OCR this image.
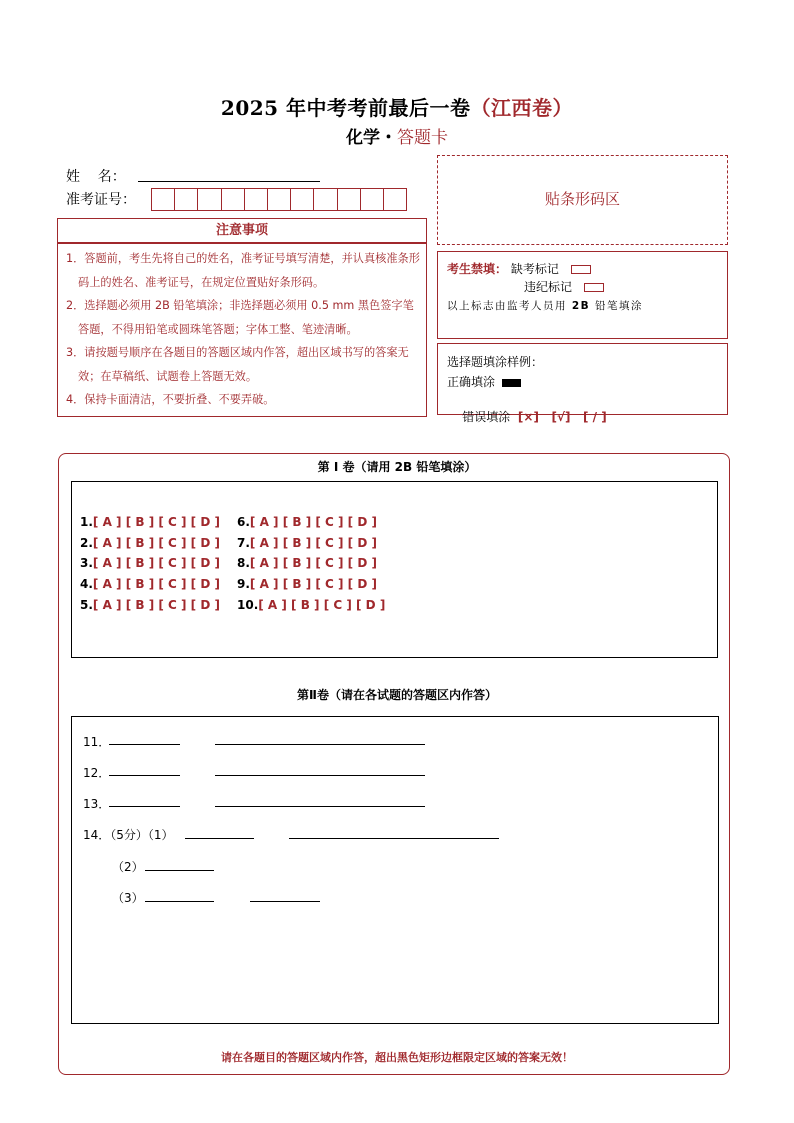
2025 年中考考前最后一卷（江西卷）
化学・答题卡
姓    名：
准考证号：	贴条形码区
注意事项

1．答题前，考生先将自己的姓名，准考证号填写清楚，并认真核准条形码上的姓名、准考证号，在规定位置贴好条形码。

2．选择题必须用 2B 铅笔填涂；非选择题必须用 0.5 mm 黑色签字笔答题，不得用铅笔或圆珠笔答题；字体工整、笔迹清晰。

3．请按题号顺序在各题目的答题区域内作答，超出区域书写的答案无效；在草稿纸、试题卷上答题无效。

4．保持卡面清洁，不要折叠、不要弄破。

考生禁填： 缺考标记
违纪标记
以上标志由监考人员用 2B 铅笔填涂
选择题填涂样例：
正确填涂

错误填涂 [×]   [√]   [ / ]

第 I 卷（请用 2B 铅笔填涂）
1.[ A ] [ B ] [ C ] [ D ]
2.[ A ] [ B ] [ C ] [ D ]
3.[ A ] [ B ] [ C ] [ D ]
4.[ A ] [ B ] [ C ] [ D ]
5.[ A ] [ B ] [ C ] [ D ]
6.[ A ] [ B ] [ C ] [ D ]
7.[ A ] [ B ] [ C ] [ D ]
8.[ A ] [ B ] [ C ] [ D ]
9.[ A ] [ B ] [ C ] [ D ]
10.[ A ] [ B ] [ C ] [ D ]
第Ⅱ卷（请在各试题的答题区内作答）
11．
12．
13．
14．（5分）（1）
（2）
（3）
请在各题目的答题区域内作答，超出黑色矩形边框限定区域的答案无效！
